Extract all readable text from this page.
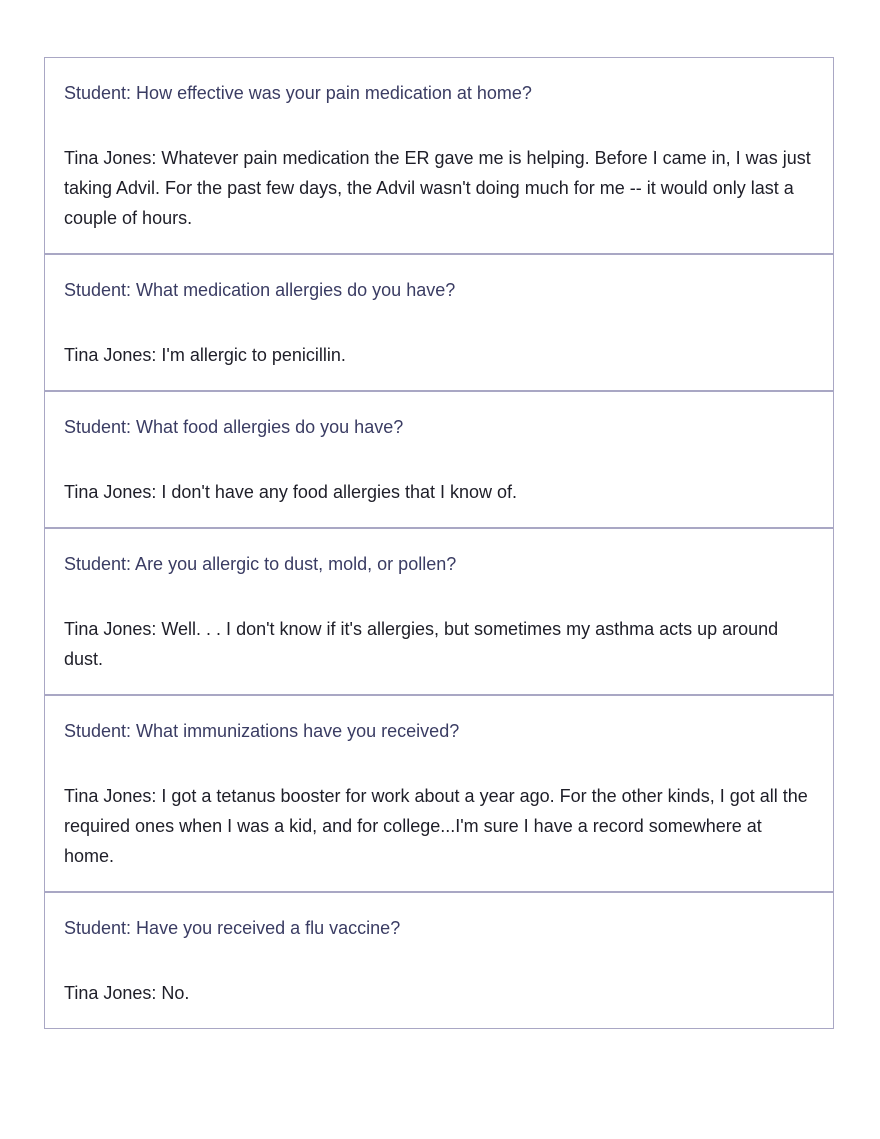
Student: How effective was your pain medication at home?

Tina Jones: Whatever pain medication the ER gave me is helping. Before I came in, I was just taking Advil. For the past few days, the Advil wasn't doing much for me -- it would only last a couple of hours.

Student: What medication allergies do you have?

Tina Jones: I'm allergic to penicillin.

Student: What food allergies do you have?

Tina Jones: I don't have any food allergies that I know of.

Student: Are you allergic to dust, mold, or pollen?

Tina Jones: Well. . . I don't know if it's allergies, but sometimes my asthma acts up around dust.

Student: What immunizations have you received?

Tina Jones: I got a tetanus booster for work about a year ago. For the other kinds, I got all the required ones when I was a kid, and for college...I'm sure I have a record somewhere at home.

Student: Have you received a flu vaccine?

Tina Jones: No.
